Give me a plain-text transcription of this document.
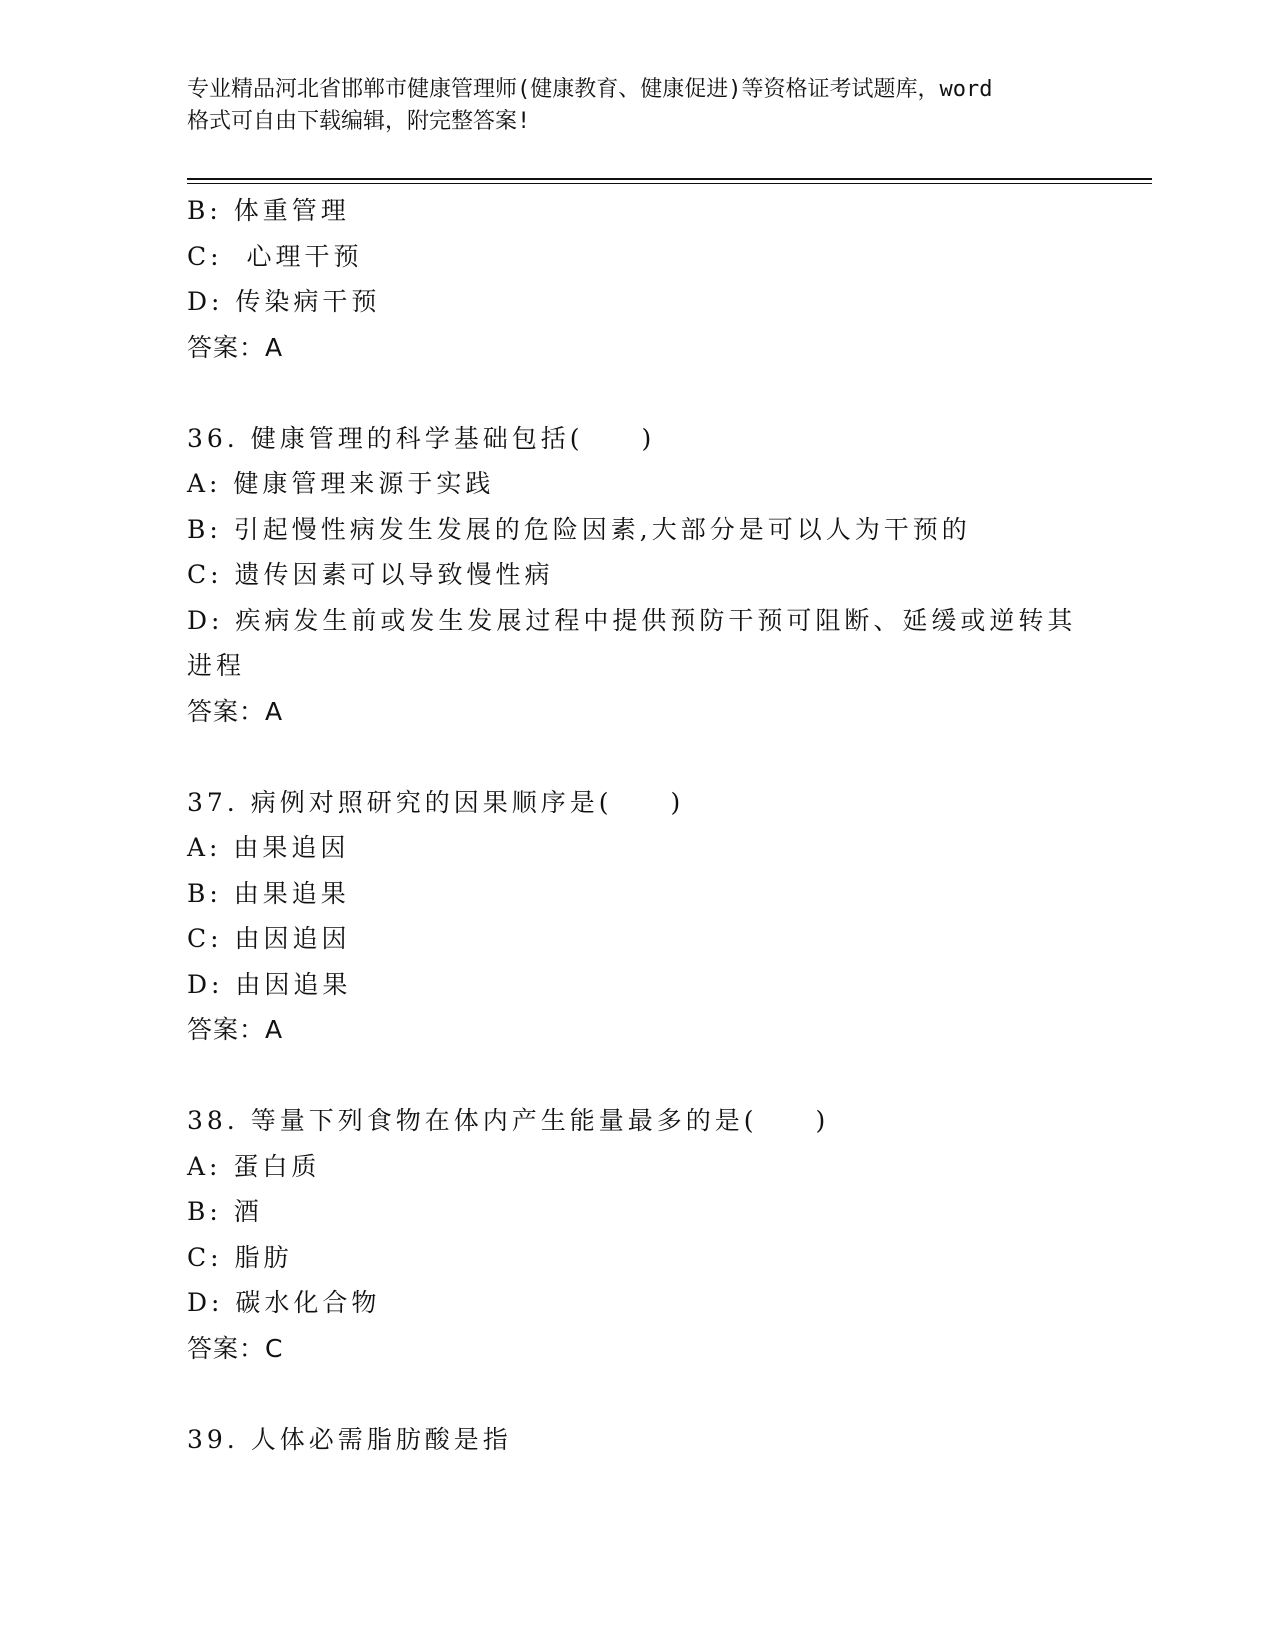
专业精品河北省邯郸市健康管理师(健康教育、健康促进)等资格证考试题库，word
格式可自由下载编辑，附完整答案!
B: 体重管理
C:  心理干预
D: 传染病干预
答案：A
36. 健康管理的科学基础包括(　　)
A: 健康管理来源于实践
B: 引起慢性病发生发展的危险因素,大部分是可以人为干预的
C: 遗传因素可以导致慢性病
D: 疾病发生前或发生发展过程中提供预防干预可阻断、延缓或逆转其
进程
答案：A
37. 病例对照研究的因果顺序是(　　)
A: 由果追因
B: 由果追果
C: 由因追因
D: 由因追果
答案：A
38. 等量下列食物在体内产生能量最多的是(　　)
A: 蛋白质
B: 酒
C: 脂肪
D: 碳水化合物
答案：C
39. 人体必需脂肪酸是指
